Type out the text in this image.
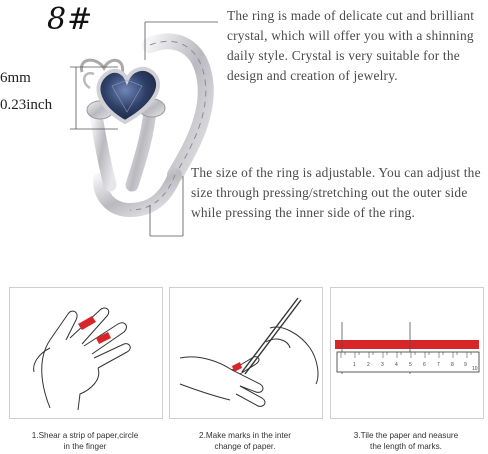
8#
6mm
0.23inch
The ring is made of delicate cut and brilliant crystal, which will offer you with a shinning daily style. Crystal is very suitable for the design and creation of jewelry.
The size of the ring is adjustable. You can adjust the size through pressing/stretching out the outer side while pressing the inner side of the ring.
1 2 3 4 5 6 7 8 9
10
1.Shear a strip of paper,circle
in the finger
2.Make marks in the inter
change of paper.
3.Tile the paper and neasure
the length of marks.
